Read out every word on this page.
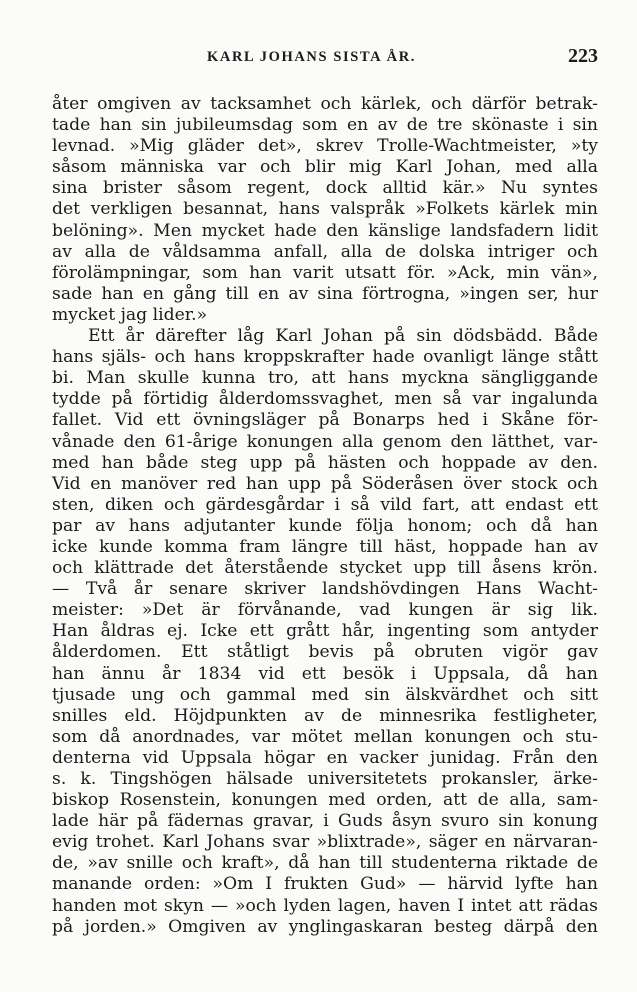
KARL JOHANS SISTA ÅR.	223
åter omgiven av tacksamhet och kärlek, och därför betrak-
tade han sin jubileumsdag som en av de tre skönaste i sin
levnad. »Mig gläder det», skrev Trolle-Wachtmeister, »ty
såsom människa var och blir mig Karl Johan, med alla
sina brister såsom regent, dock alltid kär.» Nu syntes
det verkligen besannat, hans valspråk »Folkets kärlek min
belöning». Men mycket hade den känslige landsfadern lidit
av alla de våldsamma anfall, alla de dolska intriger och
förolämpningar, som han varit utsatt för. »Ack, min vän»,
sade han en gång till en av sina förtrogna, »ingen ser, hur
mycket jag lider.»
Ett år därefter låg Karl Johan på sin dödsbädd. Både
hans själs- och hans kroppskrafter hade ovanligt länge stått
bi. Man skulle kunna tro, att hans myckna sängliggande
tydde på förtidig ålderdomssvaghet, men så var ingalunda
fallet. Vid ett övningsläger på Bonarps hed i Skåne för-
vånade den 61-årige konungen alla genom den lätthet, var-
med han både steg upp på hästen och hoppade av den.
Vid en manöver red han upp på Söderåsen över stock och
sten, diken och gärdesgårdar i så vild fart, att endast ett
par av hans adjutanter kunde följa honom; och då han
icke kunde komma fram längre till häst, hoppade han av
och klättrade det återstående stycket upp till åsens krön.
— Två år senare skriver landshövdingen Hans Wacht-
meister: »Det är förvånande, vad kungen är sig lik.
Han åldras ej. Icke ett grått hår, ingenting som antyder
ålderdomen. Ett ståtligt bevis på obruten vigör gav
han ännu år 1834 vid ett besök i Uppsala, då han
tjusade ung och gammal med sin älskvärdhet och sitt
snilles eld. Höjdpunkten av de minnesrika festligheter,
som då anordnades, var mötet mellan konungen och stu-
denterna vid Uppsala högar en vacker junidag. Från den
s. k. Tingshögen hälsade universitetets prokansler, ärke-
biskop Rosenstein, konungen med orden, att de alla, sam-
lade här på fädernas gravar, i Guds åsyn svuro sin konung
evig trohet. Karl Johans svar »blixtrade», säger en närvaran-
de, »av snille och kraft», då han till studenterna riktade de
manande orden: »Om I frukten Gud» — härvid lyfte han
handen mot skyn — »och lyden lagen, haven I intet att rädas
på jorden.» Omgiven av ynglingaskaran besteg därpå den
